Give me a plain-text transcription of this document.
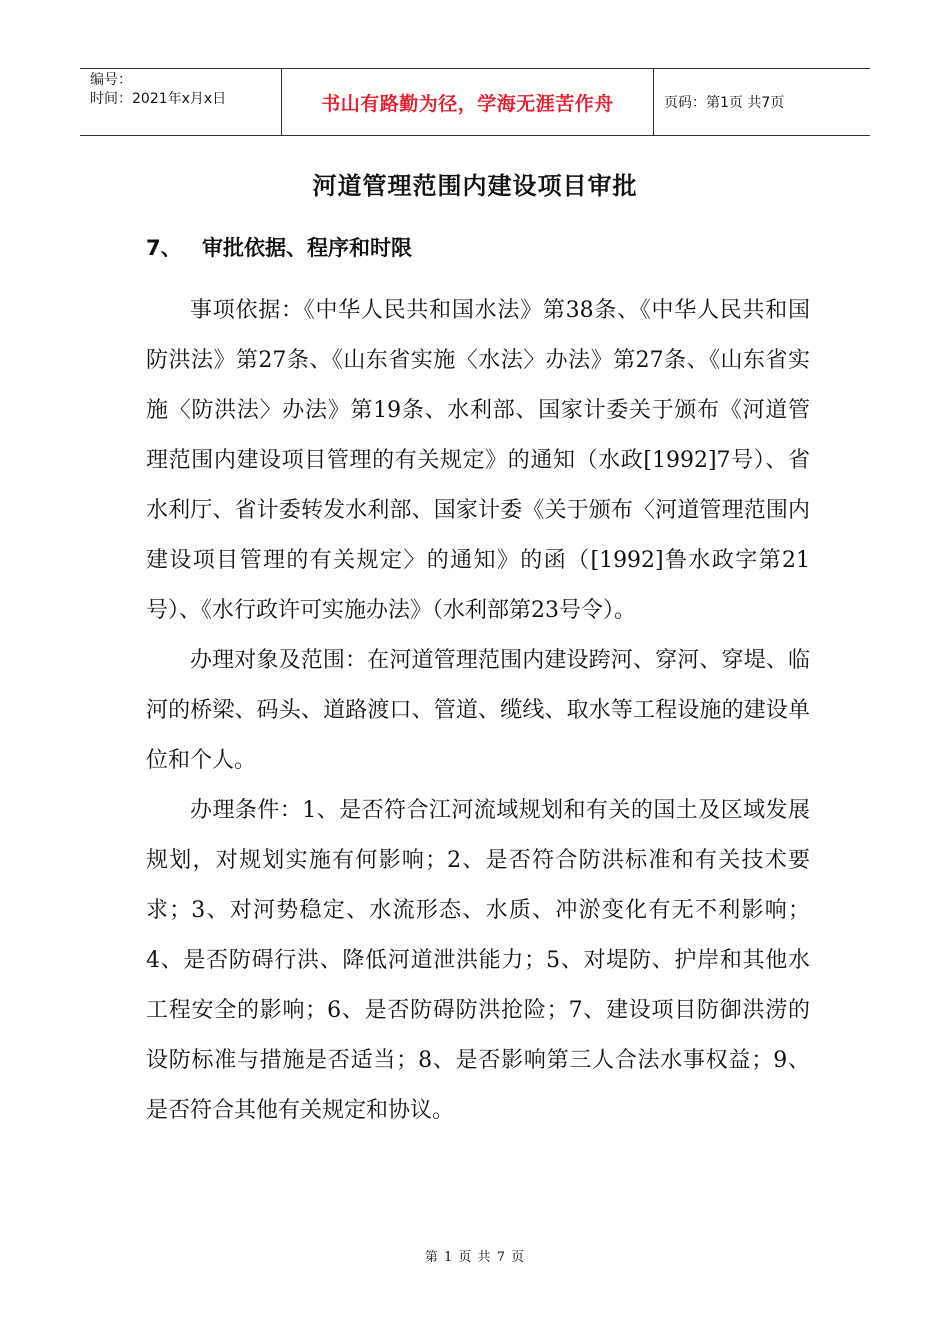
编号：
时间：2021年x月x日	书山有路勤为径，学海无涯苦作舟	页码：第1页 共7页
河道管理范围内建设项目审批
7、 审批依据、程序和时限

事项依据：《中华人民共和国水法》第38条、《中华人民共和国防洪法》第27条、《山东省实施〈水法〉办法》第27条、《山东省实施〈防洪法〉办法》第19条、水利部、国家计委关于颁布《河道管理范围内建设项目管理的有关规定》的通知（水政[1992]7号）、省水利厅、省计委转发水利部、国家计委《关于颁布〈河道管理范围内建设项目管理的有关规定〉的通知》的函（[1992]鲁水政字第21号）、《水行政许可实施办法》（水利部第23号令）。

办理对象及范围：在河道管理范围内建设跨河、穿河、穿堤、临河的桥梁、码头、道路渡口、管道、缆线、取水等工程设施的建设单位和个人。

办理条件：1、是否符合江河流域规划和有关的国土及区域发展规划，对规划实施有何影响；2、是否符合防洪标准和有关技术要求；3、对河势稳定、水流形态、水质、冲淤变化有无不利影响；4、是否防碍行洪、降低河道泄洪能力；5、对堤防、护岸和其他水工程安全的影响；6、是否防碍防洪抢险；7、建设项目防御洪涝的设防标准与措施是否适当；8、是否影响第三人合法水事权益；9、是否符合其他有关规定和协议。

第 1 页 共 7 页
